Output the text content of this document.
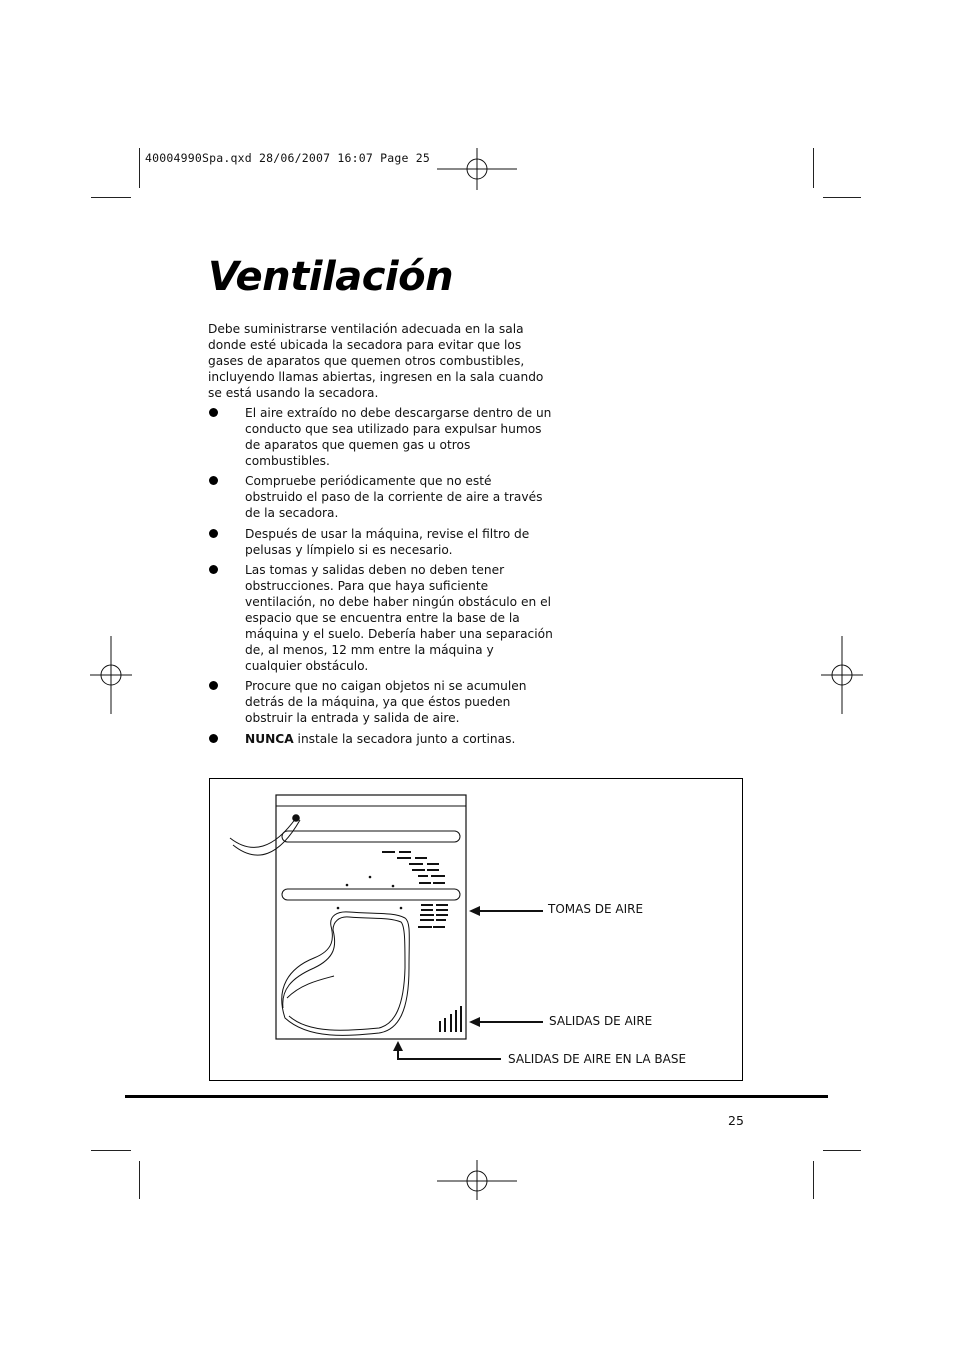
40004990Spa.qxd 28/06/2007 16:07 Page 25
Ventilación

Debe suministrarse ventilación adecuada en la sala donde esté ubicada la secadora para evitar que los gases de aparatos que quemen otros combustibles, incluyendo llamas abiertas, ingresen en la sala cuando se está usando la secadora.

El aire extraído no debe descargarse dentro de un conducto que sea utilizado para expulsar humos de aparatos que quemen gas u otros combustibles.
Compruebe periódicamente que no esté obstruido el paso de la corriente de aire a través de la secadora.
Después de usar la máquina, revise el filtro de pelusas y límpielo si es necesario.
Las tomas y salidas deben no deben tener obstrucciones. Para que haya suficiente ventilación, no debe haber ningún obstáculo en el espacio que se encuentra entre la base de la máquina y el suelo. Debería haber una separación de, al menos, 12 mm entre la máquina y cualquier obstáculo.
Procure que no caigan objetos ni se acumulen detrás de la máquina, ya que éstos pueden obstruir la entrada y salida de aire.
NUNCA instale la secadora junto a cortinas.
TOMAS DE AIRE
SALIDAS DE AIRE
SALIDAS DE AIRE EN LA BASE
25
